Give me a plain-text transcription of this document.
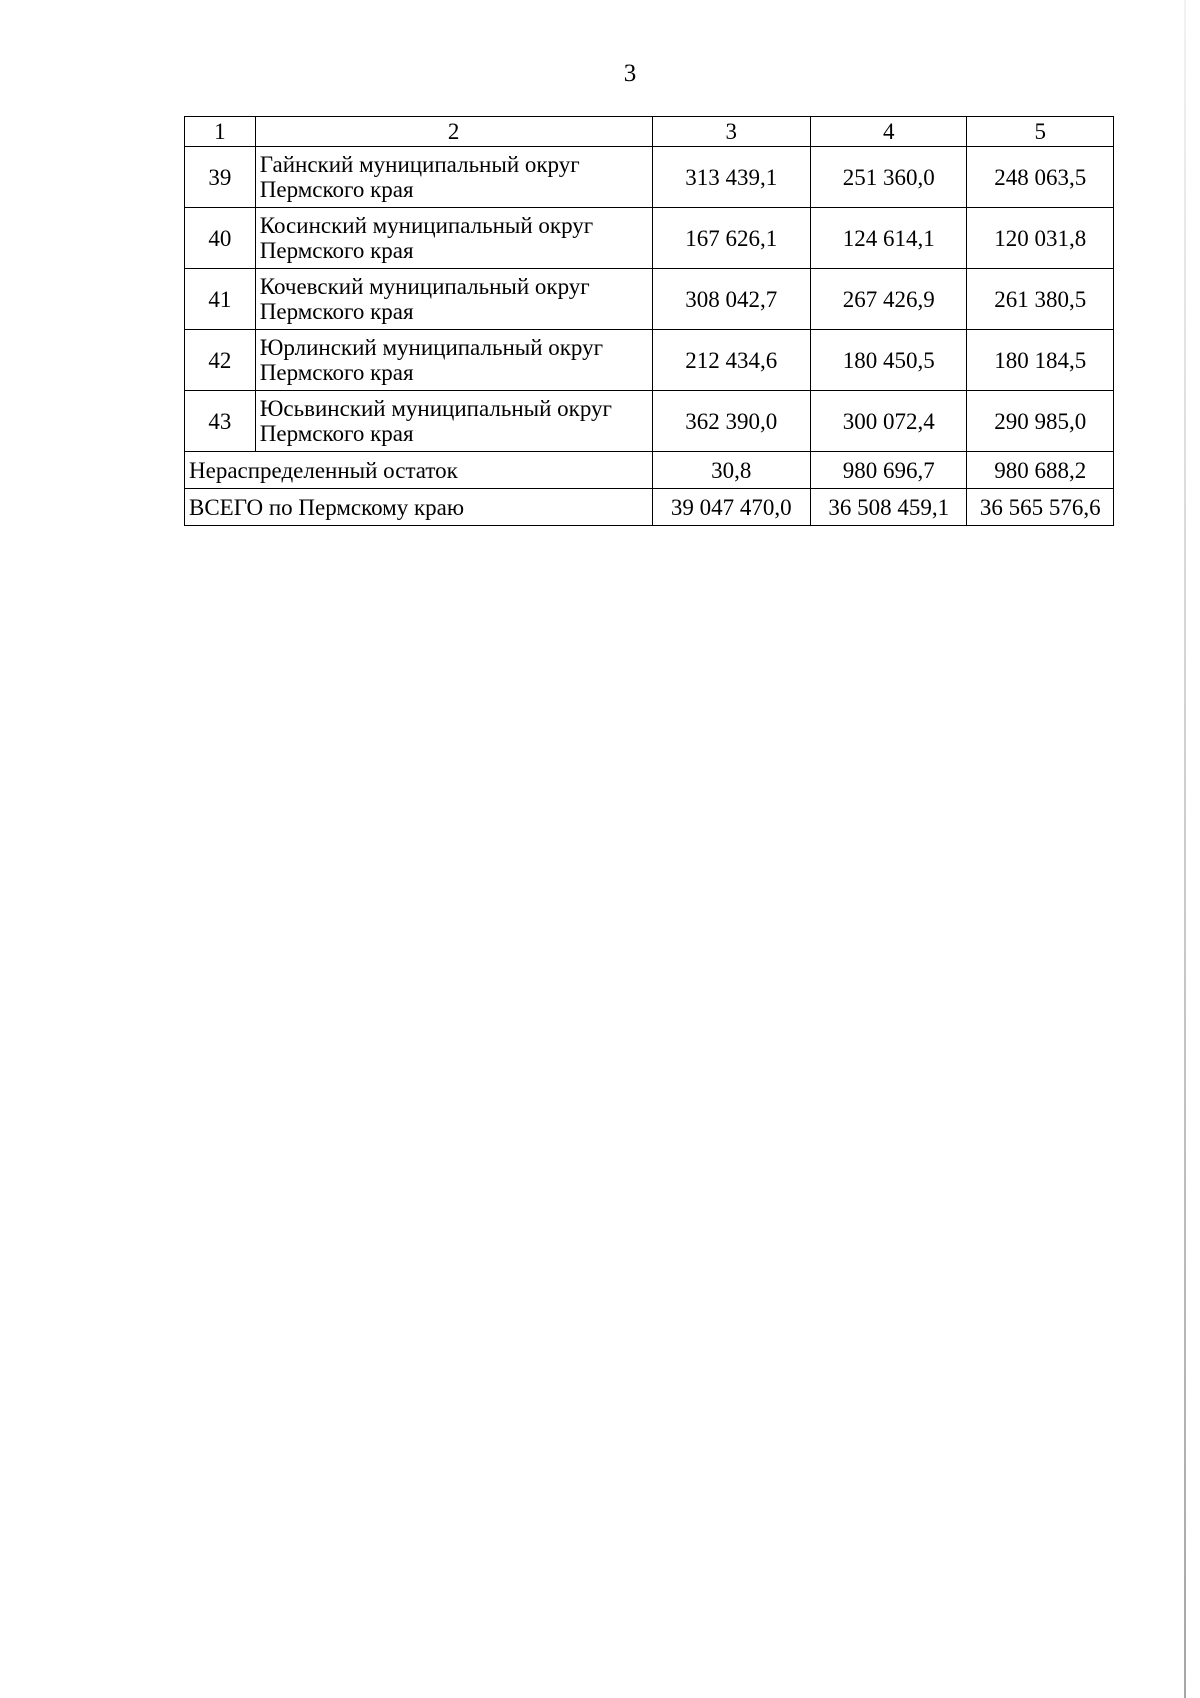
3
1	2	3	4	5
39	Гайнский муниципальный округ
Пермского края	313 439,1	251 360,0	248 063,5
40	Косинский муниципальный округ
Пермского края	167 626,1	124 614,1	120 031,8
41	Кочевский муниципальный округ
Пермского края	308 042,7	267 426,9	261 380,5
42	Юрлинский муниципальный округ
Пермского края	212 434,6	180 450,5	180 184,5
43	Юсьвинский муниципальный округ
Пермского края	362 390,0	300 072,4	290 985,0
Нераспределенный остаток		30,8	980 696,7	980 688,2
ВСЕГО по Пермскому краю		39 047 470,0	36 508 459,1	36 565 576,6
